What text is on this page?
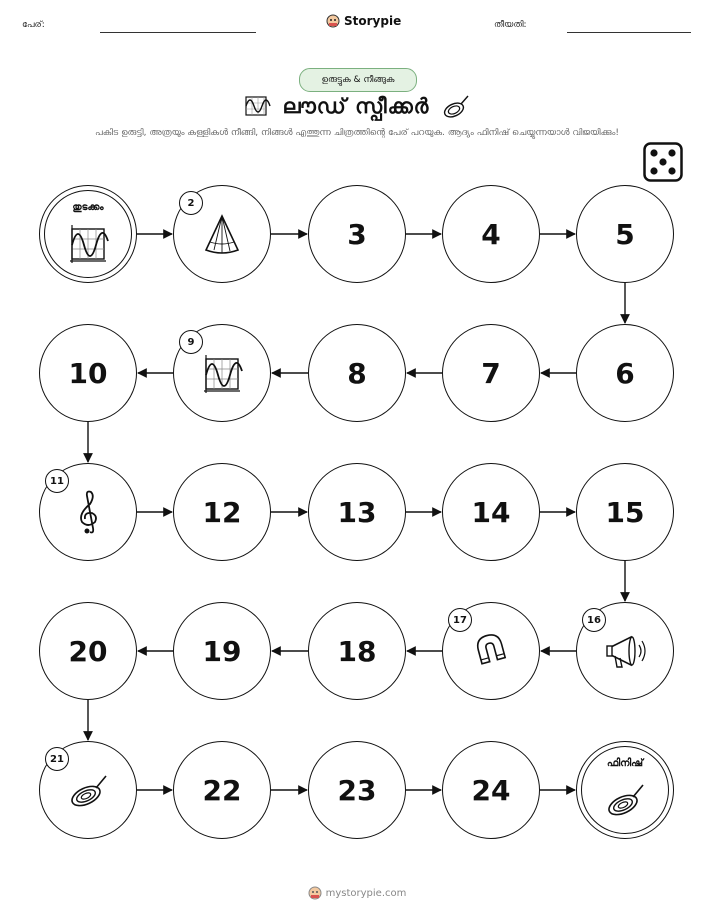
പേര്:	Storypie	തീയതി:
ഉരുട്ടുക & നീങ്ങുക
ലൗഡ് സ്പീക്കർ
പകിട ഉരുട്ടി, അത്രയും കള്ളികൾ നീങ്ങി, നിങ്ങൾ എത്തുന്ന ചിത്രത്തിന്റെ പേര് പറയുക. ആദ്യം ഫിനിഷ് ചെയ്യുന്നയാൾ വിജയിക്കും!
തുടക്കം
3	4	5
6
7
8
10
12	13	14	15
18
19
20
22	23	24
ഫിനിഷ്
2
9
11
16
17
21
mystorypie.com
